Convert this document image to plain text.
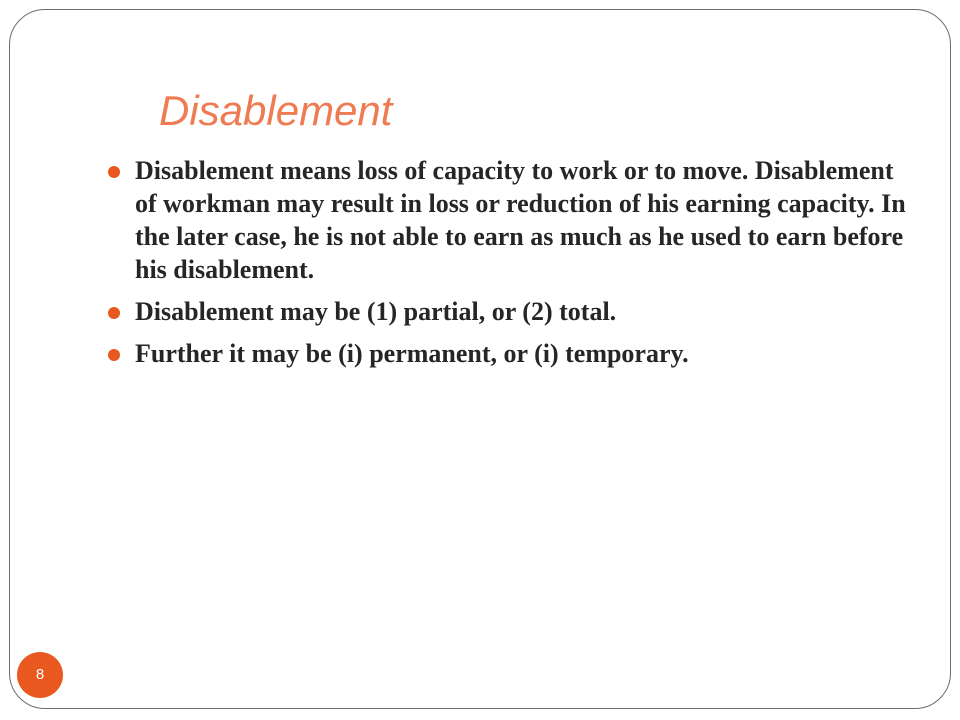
Disablement
Disablement means loss of capacity to work or to move. Disablement of workman may result in loss or reduction of his earning capacity. In the later case, he is not able to earn as much as he used to earn before his disablement.
Disablement may be (1) partial, or (2) total.
Further it may be (i) permanent, or (i) temporary.
8
